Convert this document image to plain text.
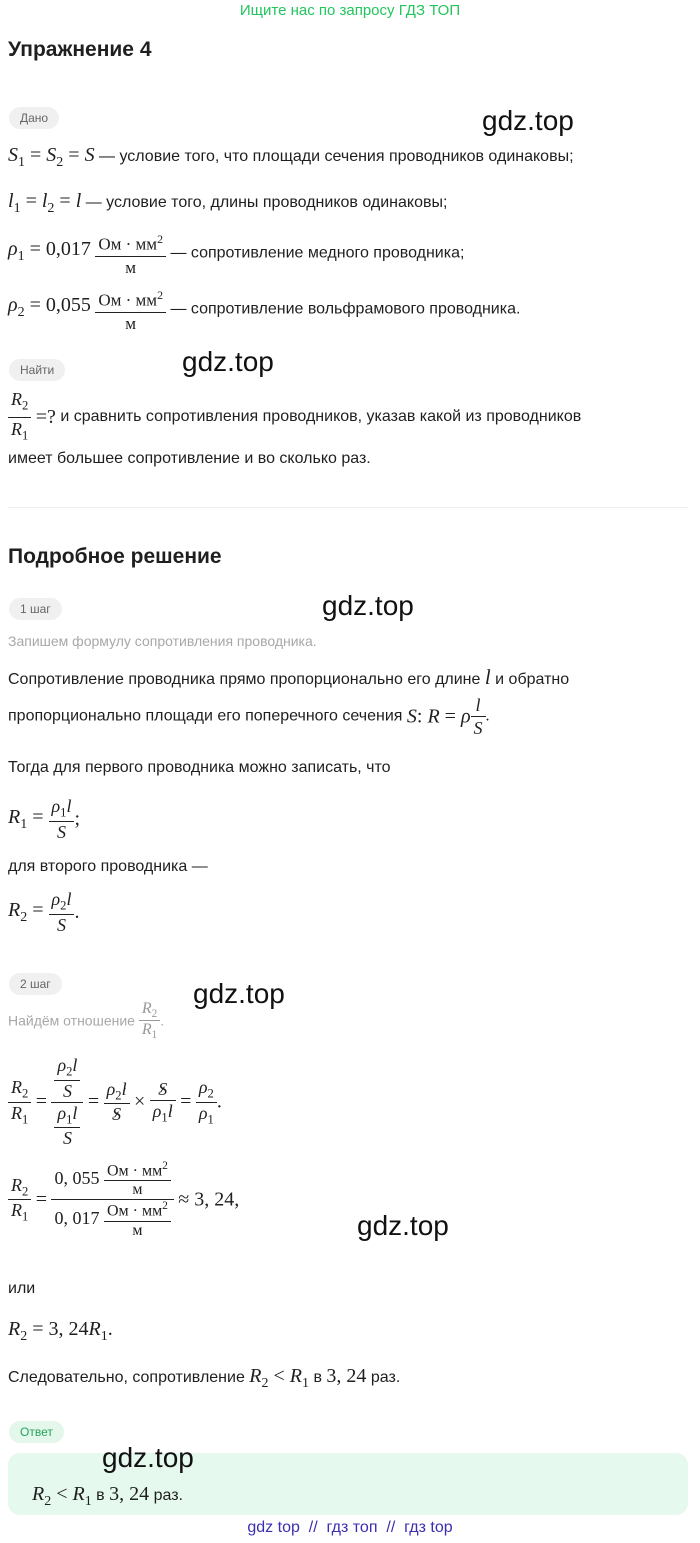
Ищите нас по запросу ГДЗ ТОП
Упражнение 4
Дано	gdz.top
$S_1 = S_2 = S$ — условие того, что площади сечения проводников одинаковы;
$l_1 = l_2 = l$ — условие того, длины проводников одинаковы;
$\rho_1 = 0,017 \frac{Ом \cdot мм^2}{м}$ — сопротивление медного проводника;
$\rho_2 = 0,055 \frac{Ом \cdot мм^2}{м}$ — сопротивление вольфрамового проводника.
Найти	gdz.top
$\frac{R_2}{R_1}$ =? и сравнить сопротивления проводников, указав какой из проводников
имеет большее сопротивление и во сколько раз.
Подробное решение
1 шаг	gdz.top
Запишем формулу сопротивления проводника.
Сопротивление проводника прямо пропорционально его длине l и обратно
пропорционально площади его поперечного сечения S: R = ρ $\frac{l}{S}$ .
Тогда для первого проводника можно записать, что
$R_1 = \frac{\rho_1l}{S}$ ;
для второго проводника —
$R_2 = \frac{\rho_2l}{S}$ .
2 шаг	gdz.top
Найдём отношение $\frac{R_2}{R_1}$ .
$\frac{R_2}{R_1} = \frac{\frac{\rho_2l}{S}}{\frac{\rho_1l}{S}} = \frac{\rho_2l}{S} \times \frac{S}{\rho_1l} = \frac{\rho_2}{\rho_1}$ .
gdz.top
$\frac{R_2}{R_1} = \frac{0, 055 \frac{Ом \cdot мм^2}{м}}{0, 017 \frac{Ом \cdot мм^2}{м}} \approx 3$, 24,
или
$R_2 = 3$, $24R_1$.
Следовательно, сопротивление $R_2 < R_1$ в 3, 24 раз.
Ответ
gdz.top
$R_2 < R_1$ в 3, 24 раз.
gdz top  //  гдз топ  //  гдз top
